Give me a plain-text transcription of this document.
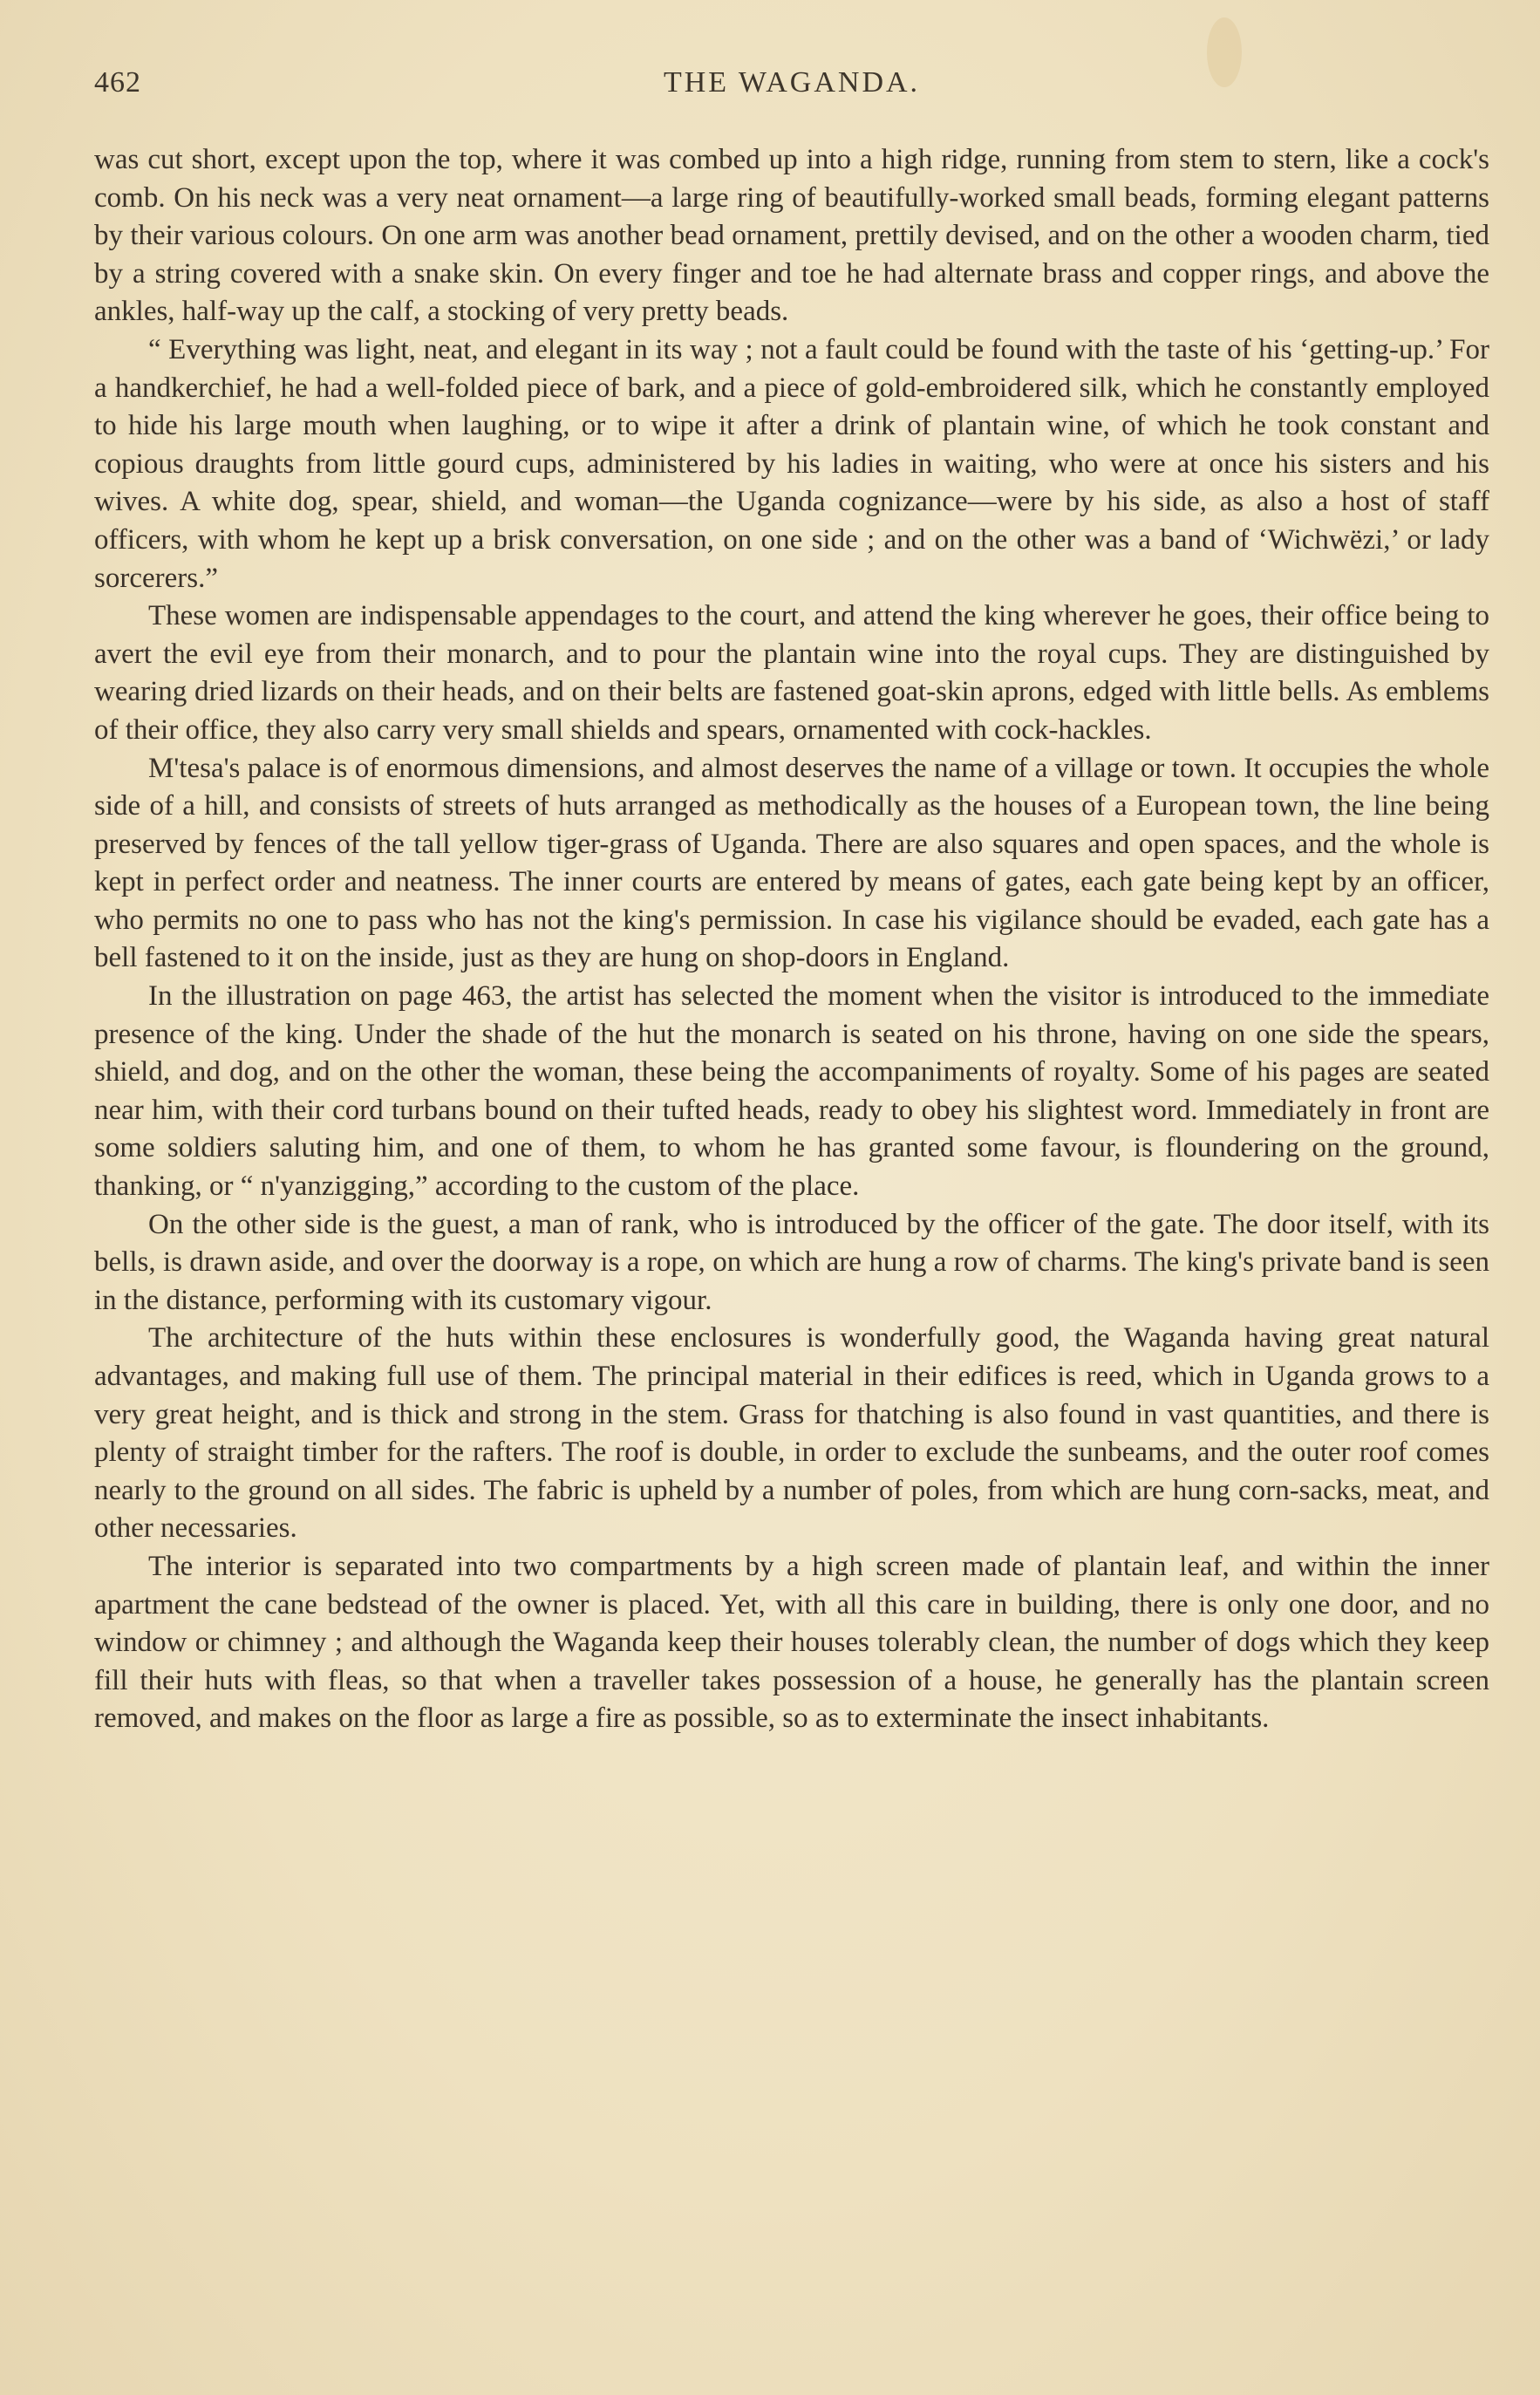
462	THE WAGANDA.

was cut short, except upon the top, where it was combed up into a high ridge, running from stem to stern, like a cock's comb. On his neck was a very neat ornament—a large ring of beautifully-worked small beads, forming elegant patterns by their various colours. On one arm was another bead ornament, prettily devised, and on the other a wooden charm, tied by a string covered with a snake skin. On every finger and toe he had alternate brass and copper rings, and above the ankles, half-way up the calf, a stocking of very pretty beads.

“ Everything was light, neat, and elegant in its way ; not a fault could be found with the taste of his ‘getting-up.’ For a handkerchief, he had a well-folded piece of bark, and a piece of gold-embroidered silk, which he constantly employed to hide his large mouth when laughing, or to wipe it after a drink of plantain wine, of which he took constant and copious draughts from little gourd cups, administered by his ladies in waiting, who were at once his sisters and his wives. A white dog, spear, shield, and woman—the Uganda cognizance—were by his side, as also a host of staff officers, with whom he kept up a brisk conversation, on one side ; and on the other was a band of ‘Wichwëzi,’ or lady sorcerers.”

These women are indispensable appendages to the court, and attend the king wherever he goes, their office being to avert the evil eye from their monarch, and to pour the plantain wine into the royal cups. They are distinguished by wearing dried lizards on their heads, and on their belts are fastened goat-skin aprons, edged with little bells. As emblems of their office, they also carry very small shields and spears, ornamented with cock-hackles.

M'tesa's palace is of enormous dimensions, and almost deserves the name of a village or town. It occupies the whole side of a hill, and consists of streets of huts arranged as methodically as the houses of a European town, the line being preserved by fences of the tall yellow tiger-grass of Uganda. There are also squares and open spaces, and the whole is kept in perfect order and neatness. The inner courts are entered by means of gates, each gate being kept by an officer, who permits no one to pass who has not the king's permission. In case his vigilance should be evaded, each gate has a bell fastened to it on the inside, just as they are hung on shop-doors in England.

In the illustration on page 463, the artist has selected the moment when the visitor is introduced to the immediate presence of the king. Under the shade of the hut the monarch is seated on his throne, having on one side the spears, shield, and dog, and on the other the woman, these being the accompaniments of royalty. Some of his pages are seated near him, with their cord turbans bound on their tufted heads, ready to obey his slightest word. Immediately in front are some soldiers saluting him, and one of them, to whom he has granted some favour, is floundering on the ground, thanking, or “ n'yanzigging,” according to the custom of the place.

On the other side is the guest, a man of rank, who is introduced by the officer of the gate. The door itself, with its bells, is drawn aside, and over the doorway is a rope, on which are hung a row of charms. The king's private band is seen in the distance, performing with its customary vigour.

The architecture of the huts within these enclosures is wonderfully good, the Waganda having great natural advantages, and making full use of them. The principal material in their edifices is reed, which in Uganda grows to a very great height, and is thick and strong in the stem. Grass for thatching is also found in vast quantities, and there is plenty of straight timber for the rafters. The roof is double, in order to exclude the sunbeams, and the outer roof comes nearly to the ground on all sides. The fabric is upheld by a number of poles, from which are hung corn-sacks, meat, and other necessaries.

The interior is separated into two compartments by a high screen made of plantain leaf, and within the inner apartment the cane bedstead of the owner is placed. Yet, with all this care in building, there is only one door, and no window or chimney ; and although the Waganda keep their houses tolerably clean, the number of dogs which they keep fill their huts with fleas, so that when a traveller takes possession of a house, he generally has the plantain screen removed, and makes on the floor as large a fire as possible, so as to exterminate the insect inhabitants.
